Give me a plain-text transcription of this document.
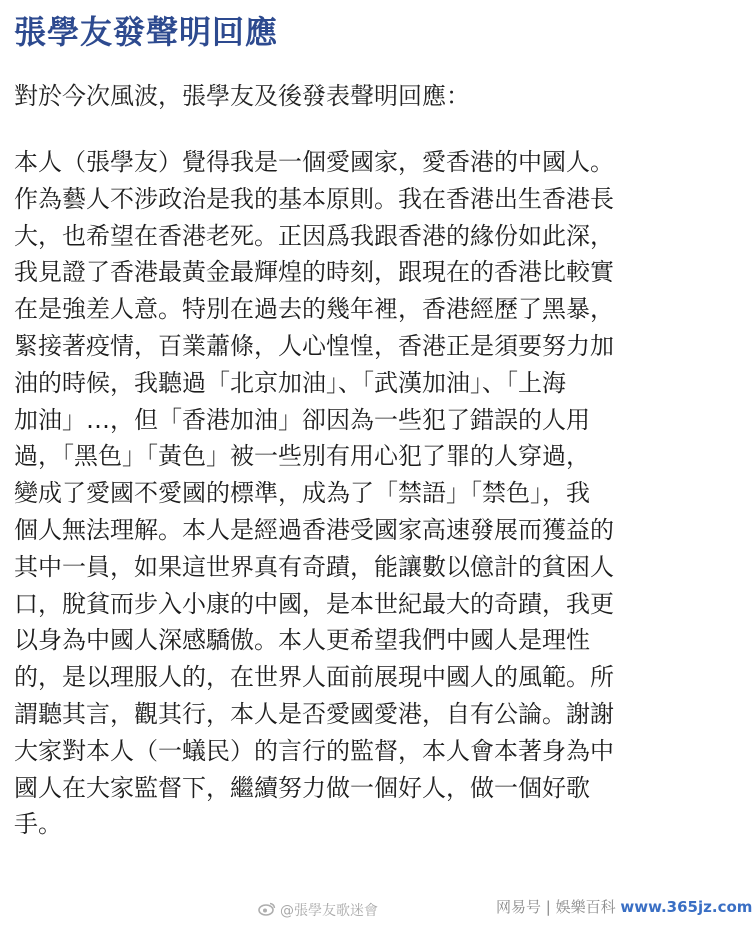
張學友發聲明回應

對於今次風波，張學友及後發表聲明回應：

本人（張學友）覺得我是一個愛國家，愛香港的中國人。
作為藝人不涉政治是我的基本原則。我在香港出生香港長
大，也希望在香港老死。正因爲我跟香港的緣份如此深，
我見證了香港最黃金最輝煌的時刻，跟現在的香港比較實
在是強差人意。特別在過去的幾年裡，香港經歷了黑暴，
緊接著疫情，百業蕭條，人心惶惶，香港正是須要努力加
油的時候，我聽過「北京加油」、「武漢加油」、「上海
加油」…，但「香港加油」卻因為一些犯了錯誤的人用
過，「黑色」「黃色」被一些別有用心犯了罪的人穿過，
變成了愛國不愛國的標準，成為了「禁語」「禁色」，我
個人無法理解。本人是經過香港受國家高速發展而獲益的
其中一員，如果這世界真有奇蹟，能讓數以億計的貧困人
口，脫貧而步入小康的中國，是本世紀最大的奇蹟，我更
以身為中國人深感驕傲。本人更希望我們中國人是理性
的，是以理服人的，在世界人面前展現中國人的風範。所
謂聽其言，觀其行，本人是否愛國愛港，自有公論。謝謝
大家對本人（一蟻民）的言行的監督，本人會本著身為中
國人在大家監督下，繼續努力做一個好人，做一個好歌
手。
@張學友歌迷會	网易号 | 娛樂百科 www.365jz.com
